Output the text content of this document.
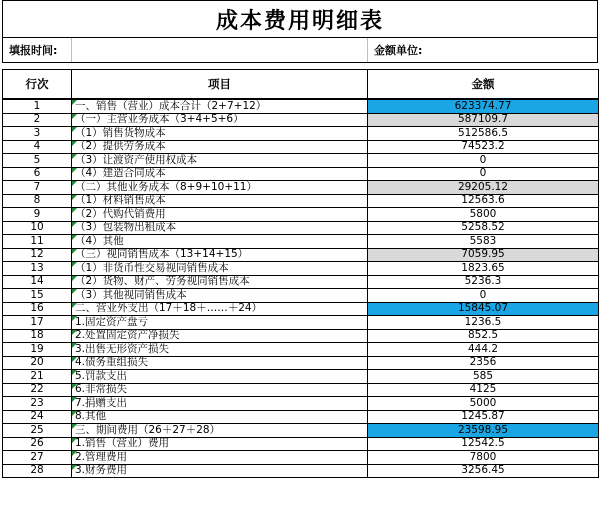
成本费用明细表
填报时间:	金额单位:
行次	项目	金额
1	一、销售（营业）成本合计（2+7+12）	623374.77
2	（一）主营业务成本（3+4+5+6）	587109.7
3	（1）销售货物成本	512586.5
4	（2）提供劳务成本	74523.2
5	（3）让渡资产使用权成本	0
6	（4）建造合同成本	0
7	（二）其他业务成本（8+9+10+11）	29205.12
8	（1）材料销售成本	12563.6
9	（2）代购代销费用	5800
10	（3）包装物出租成本	5258.52
11	（4）其他	5583
12	（三）视同销售成本（13+14+15）	7059.95
13	（1）非货币性交易视同销售成本	1823.65
14	（2）货物、财产、劳务视同销售成本	5236.3
15	（3）其他视同销售成本	0
16	二、营业外支出（17＋18＋……＋24）	15845.07
17	1.固定资产盘亏	1236.5
18	2.处置固定资产净损失	852.5
19	3.出售无形资产损失	444.2
20	4.债务重组损失	2356
21	5.罚款支出	585
22	6.非常损失	4125
23	7.捐赠支出	5000
24	8.其他	1245.87
25	三、期间费用（26＋27＋28）	23598.95
26	1.销售（营业）费用	12542.5
27	2.管理费用	7800
28	3.财务费用	3256.45
